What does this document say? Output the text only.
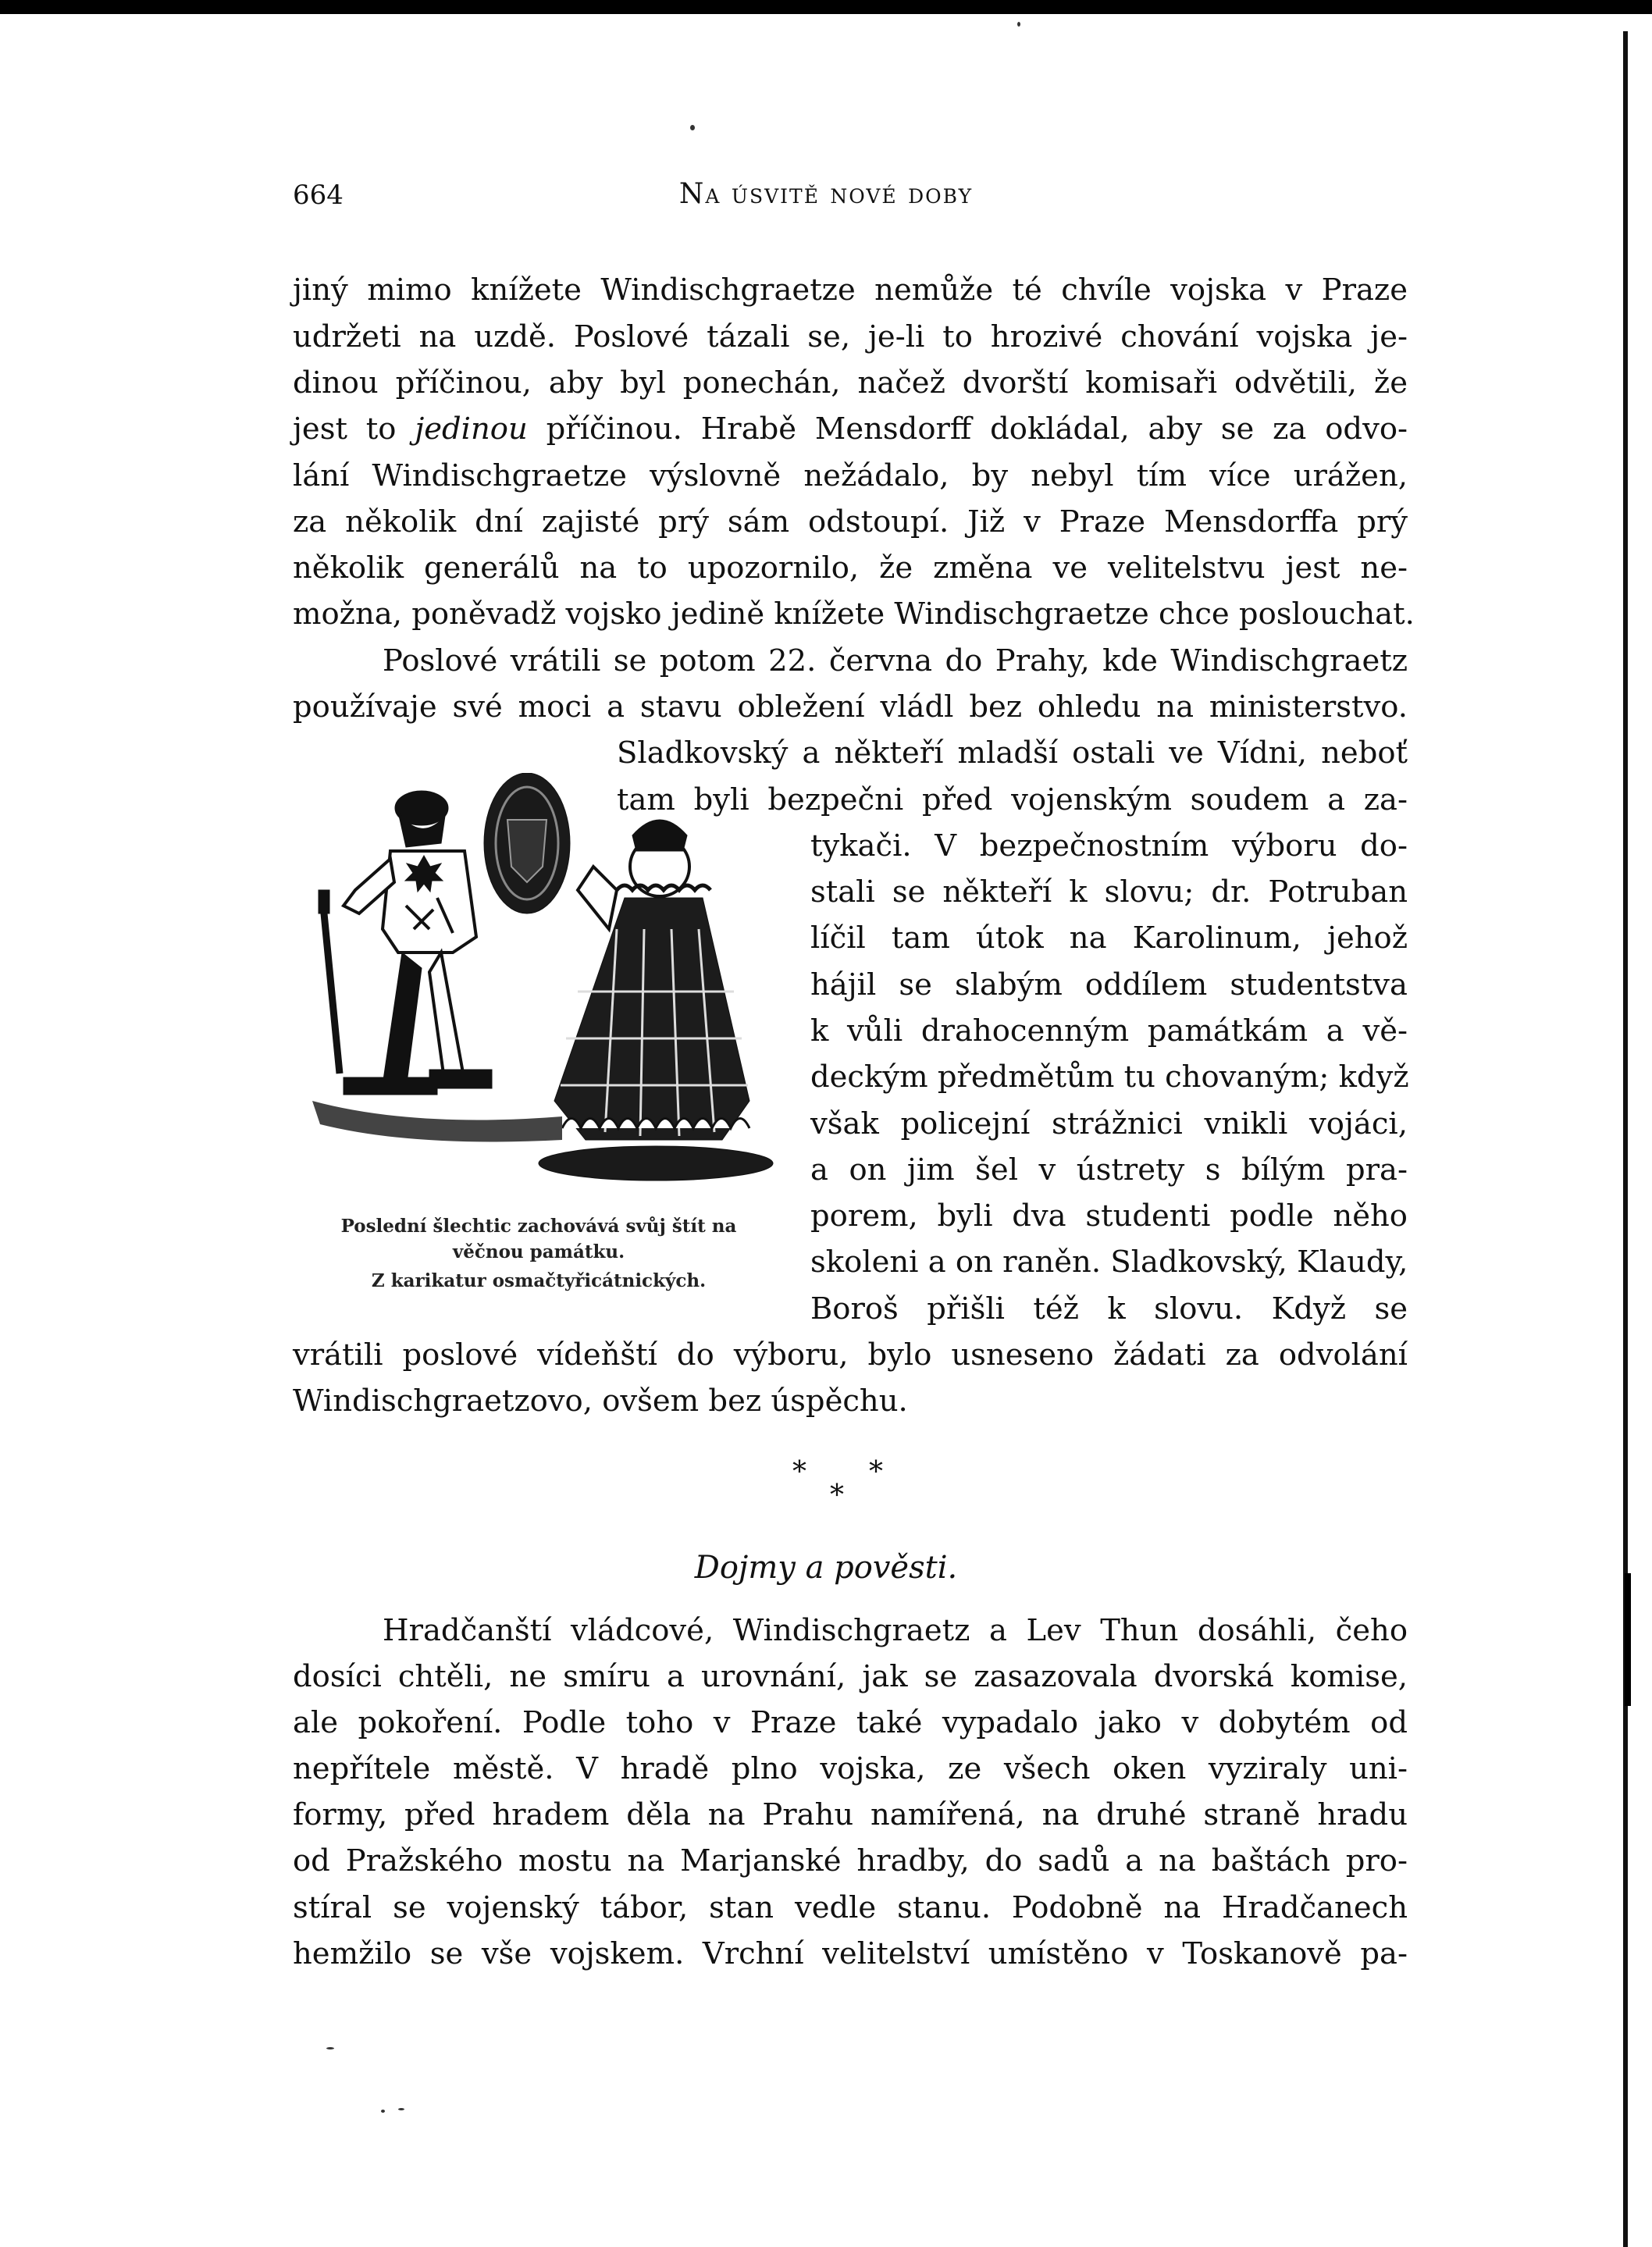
664	Na úsvitě nové doby
jiný mimo knížete Windischgraetze nemůže té chvíle vojska v Praze
udržeti na uzdě. Poslové tázali se, je-li to hrozivé chování vojska je-
dinou příčinou, aby byl ponechán, načež dvorští komisaři odvětili, že
jest to jedinou příčinou. Hrabě Mensdorff dokládal, aby se za odvo-
lání Windischgraetze výslovně nežádalo, by nebyl tím více urážen,
za několik dní zajisté prý sám odstoupí. Již v Praze Mensdorffa prý
několik generálů na to upozornilo, že změna ve velitelstvu jest ne-
možna, poněvadž vojsko jedině knížete Windischgraetze chce poslouchat.
Poslové vrátili se potom 22. června do Prahy, kde Windischgraetz
používaje své moci a stavu obležení vládl bez ohledu na ministerstvo.
Sladkovský a někteří mladší ostali ve Vídni, neboť
tam byli bezpečni před vojenským soudem a za-
tykači. V bezpečnostním výboru do-
stali se někteří k slovu; dr. Potruban
líčil tam útok na Karolinum, jehož
hájil se slabým oddílem studentstva
k vůli drahocenným památkám a vě-
deckým předmětům tu chovaným; když
však policejní strážnici vnikli vojáci,
a on jim šel v ústrety s bílým pra-
porem, byli dva studenti podle něho
skoleni a on raněn. Sladkovský, Klaudy,
Boroš přišli též k slovu. Když se
vrátili poslové vídeňští do výboru, bylo usneseno žádati za odvolání
Windischgraetzovo, ovšem bez úspěchu.
Poslední šlechtic zachovává svůj štít na
věčnou památku.
Z karikatur osmačtyřicátnických.
* *
*
Dojmy a pověsti.
Hradčanští vládcové, Windischgraetz a Lev Thun dosáhli, čeho
dosíci chtěli, ne smíru a urovnání, jak se zasazovala dvorská komise,
ale pokoření. Podle toho v Praze také vypadalo jako v dobytém od
nepřítele městě. V hradě plno vojska, ze všech oken vyziraly uni-
formy, před hradem děla na Prahu namířená, na druhé straně hradu
od Pražského mostu na Marjanské hradby, do sadů a na baštách pro-
stíral se vojenský tábor, stan vedle stanu. Podobně na Hradčanech
hemžilo se vše vojskem. Vrchní velitelství umístěno v Toskanově pa-
